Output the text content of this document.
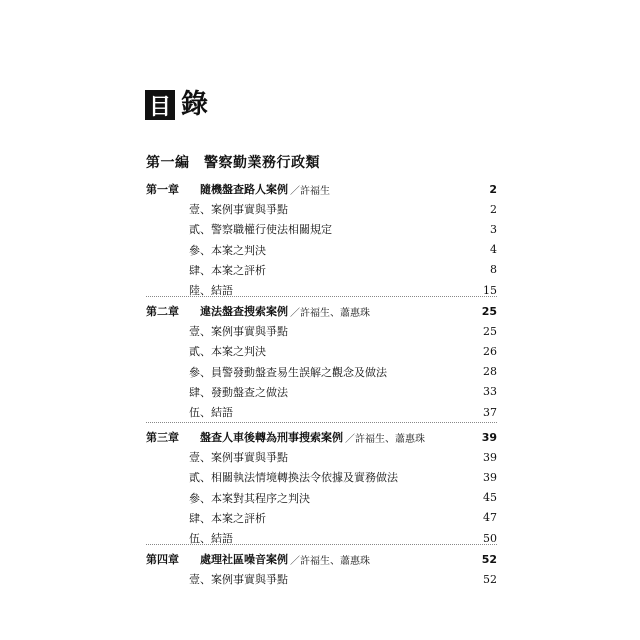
目 錄
第一編　警察勤業務行政類
第一章	隨機盤查路人案例 ／許福生	2
壹、案例事實與爭點	2
貳、警察職權行使法相關規定	3
參、本案之判決	4
肆、本案之評析	8
陸、結語	15
第二章	違法盤查搜索案例 ／許福生、蕭惠珠	25
壹、案例事實與爭點	25
貳、本案之判決	26
參、員警發動盤查易生誤解之觀念及做法	28
肆、發動盤查之做法	33
伍、結語	37
第三章	盤查人車後轉為刑事搜索案例 ／許福生、蕭惠珠	39
壹、案例事實與爭點	39
貳、相關執法情境轉換法令依據及實務做法	39
參、本案對其程序之判決	45
肆、本案之評析	47
伍、結語	50
第四章	處理社區噪音案例 ／許福生、蕭惠珠	52
壹、案例事實與爭點	52
